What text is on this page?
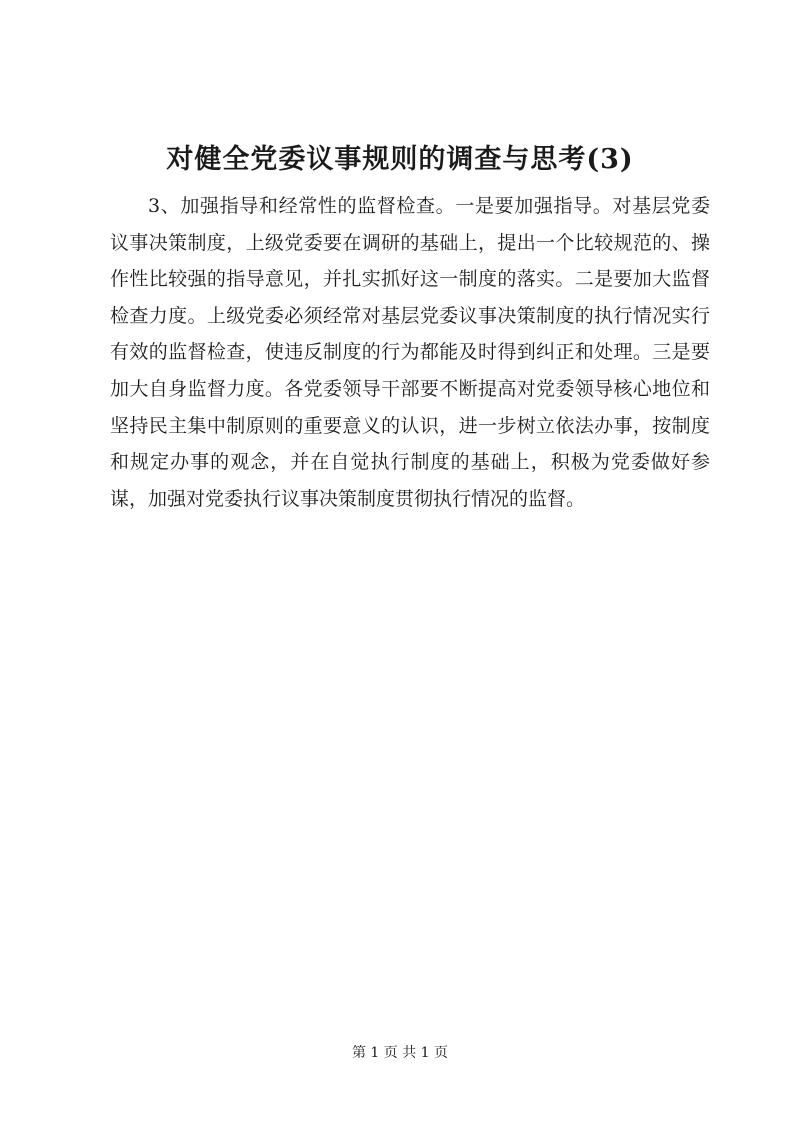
对健全党委议事规则的调查与思考(3)

3、加强指导和经常性的监督检查。一是要加强指导。对基层党委议事决策制度，上级党委要在调研的基础上，提出一个比较规范的、操作性比较强的指导意见，并扎实抓好这一制度的落实。二是要加大监督检查力度。上级党委必须经常对基层党委议事决策制度的执行情况实行有效的监督检查，使违反制度的行为都能及时得到纠正和处理。三是要加大自身监督力度。各党委领导干部要不断提高对党委领导核心地位和坚持民主集中制原则的重要意义的认识，进一步树立依法办事，按制度和规定办事的观念，并在自觉执行制度的基础上，积极为党委做好参谋，加强对党委执行议事决策制度贯彻执行情况的监督。

第 1 页 共 1 页
